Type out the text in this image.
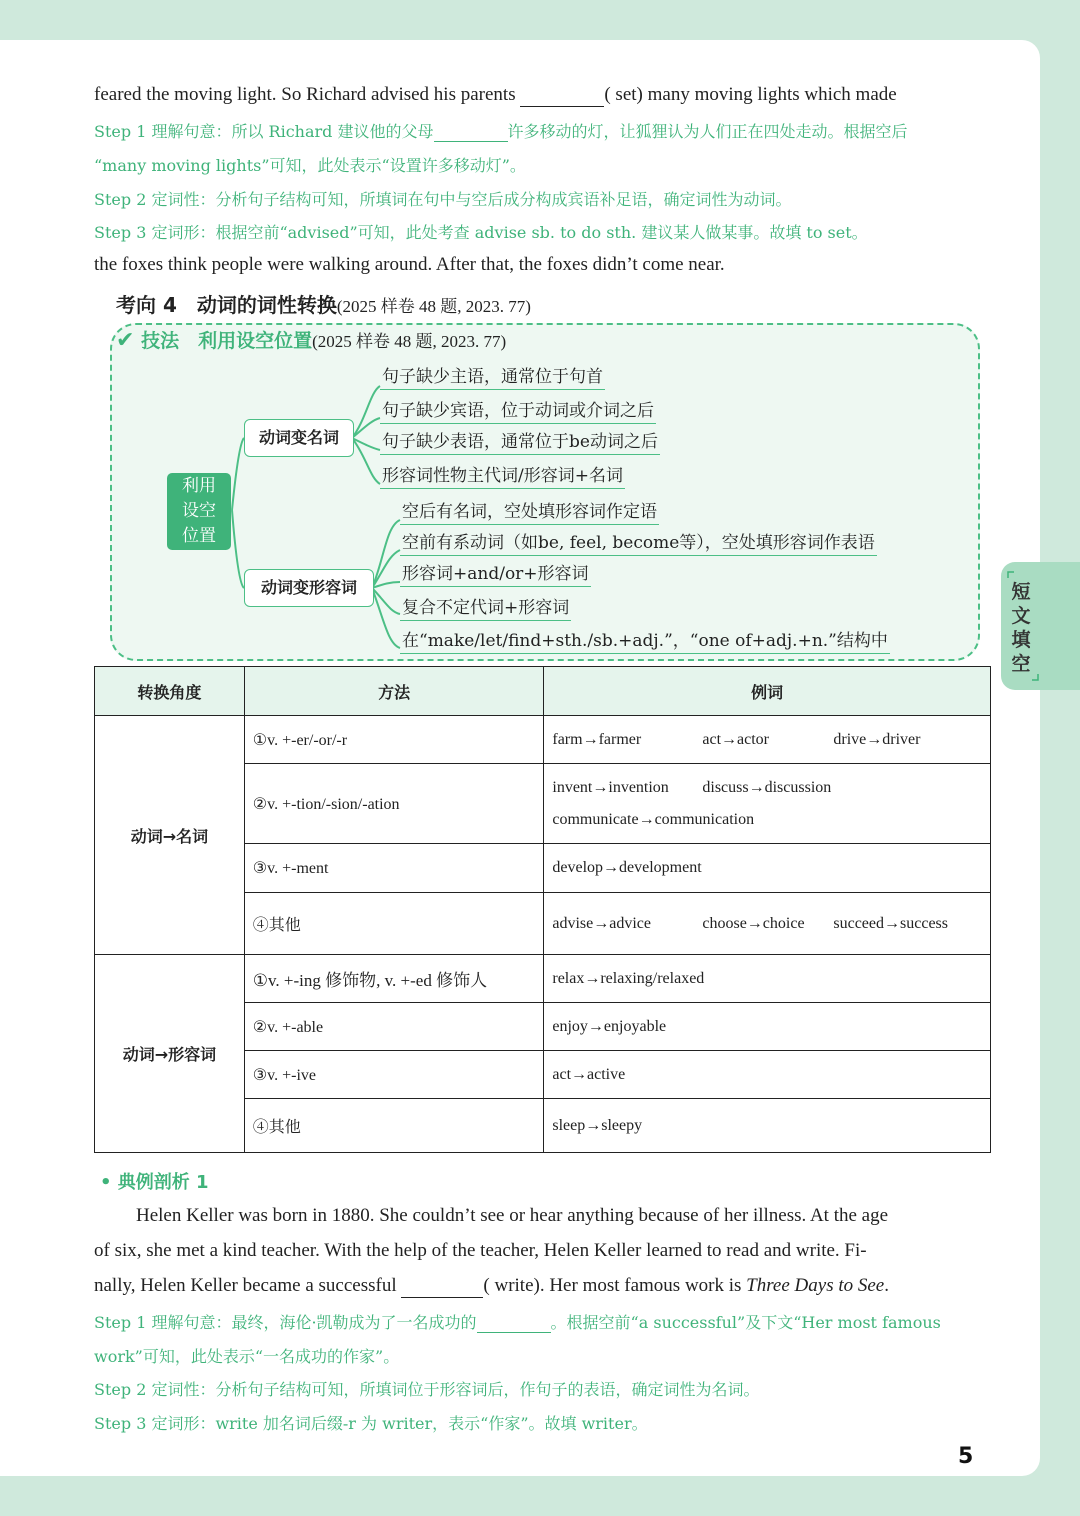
feared the moving light. So Richard advised his parents	( set) many moving lights which made
Step 1 理解句意：所以 Richard 建议他的父母	许多移动的灯，让狐狸认为人们正在四处走动。根据空后
“many moving lights”可知，此处表示“设置许多移动灯”。
Step 2 定词性：分析句子结构可知，所填词在句中与空后成分构成宾语补足语，确定词性为动词。
Step 3 定词形：根据空前“advised”可知，此处考查 advise sb. to do sth. 建议某人做某事。故填 to set。
the foxes think people were walking around. After that, the foxes didn’t come near.
考向 4　动词的词性转换(2025 样卷 48 题, 2023. 77)
✔ 技法　利用设空位置(2025 样卷 48 题, 2023. 77)
利用
设空
位置
动词变名词
动词变形容词
句子缺少主语，通常位于句首
句子缺少宾语，位于动词或介词之后
句子缺少表语，通常位于be动词之后
形容词性物主代词/形容词+名词
空后有名词，空处填形容词作定语
空前有系动词（如be, feel, become等），空处填形容词作表语
形容词+and/or+形容词
复合不定代词+形容词
在“make/let/find+sth./sb.+adj.”，“one of+adj.+n.”结构中
转换角度	方法	例词
动词→名词	①v. +-er/-or/-r	farm→farmer act→actor drive→driver
	②v. +-tion/-sion/-ation	invent→invention discuss→discussion
communicate→communication
	③v. +-ment	develop→development
	④其他	advise→advice choose→choice succeed→success
动词→形容词	①v. +-ing 修饰物, v. +-ed 修饰人	relax→relaxing/relaxed
	②v. +-able	enjoy→enjoyable
	③v. +-ive	act→active
	④其他	sleep→sleepy
• 典例剖析 1
Helen Keller was born in 1880. She couldn’t see or hear anything because of her illness. At the age
of six, she met a kind teacher. With the help of the teacher, Helen Keller learned to read and write. Fi-
nally, Helen Keller became a successful	( write). Her most famous work is Three Days to See.
Step 1 理解句意：最终，海伦·凯勒成为了一名成功的	。根据空前“a successful”及下文“Her most famous
work”可知，此处表示“一名成功的作家”。
Step 2 定词性：分析句子结构可知，所填词位于形容词后，作句子的表语，确定词性为名词。
Step 3 定词形：write 加名词后缀-r 为 writer，表示“作家”。故填 writer。
5
短文填空
